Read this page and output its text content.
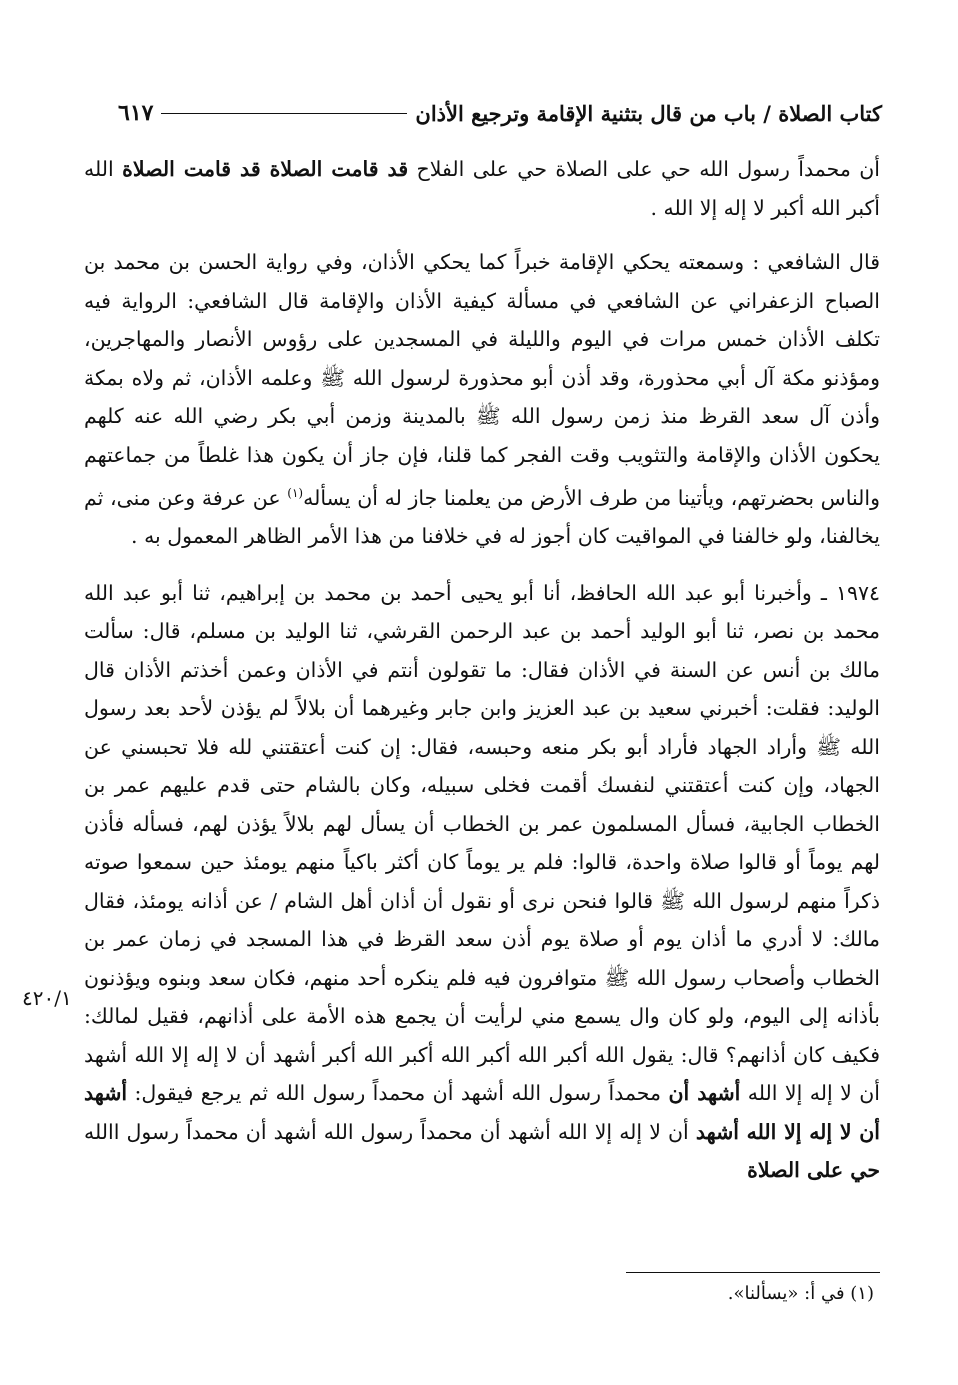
كتاب الصلاة / باب من قال بتثنية الإقامة وترجيع الأذان
٦١٧

أن محمداً رسول الله حي على الصلاة حي على الفلاح قد قامت الصلاة قد قامت الصلاة الله أكبر الله أكبر لا إله إلا الله .

قال الشافعي : وسمعته يحكي الإقامة خبراً كما يحكي الأذان، وفي رواية الحسن بن محمد بن الصباح الزعفراني عن الشافعي في مسألة كيفية الأذان والإقامة قال الشافعي: الرواية فيه تكلف الأذان خمس مرات في اليوم والليلة في المسجدين على رؤوس الأنصار والمهاجرين، ومؤذنو مكة آل أبي محذورة، وقد أذن أبو محذورة لرسول الله ﷺ وعلمه الأذان، ثم ولاه بمكة وأذن آل سعد القرظ منذ زمن رسول الله ﷺ بالمدينة وزمن أبي بكر رضي الله عنه كلهم يحكون الأذان والإقامة والتثويب وقت الفجر كما قلنا، فإن جاز أن يكون هذا غلطاً من جماعتهم والناس بحضرتهم، ويأتينا من طرف الأرض من يعلمنا جاز له أن يسأله$^{(١)}$ عن عرفة وعن منى، ثم يخالفنا، ولو خالفنا في المواقيت كان أجوز له في خلافنا من هذا الأمر الظاهر المعمول به .

١٩٧٤ ـ وأخبرنا أبو عبد الله الحافظ، أنا أبو يحيى أحمد بن محمد بن إبراهيم، ثنا أبو عبد الله محمد بن نصر، ثنا أبو الوليد أحمد بن عبد الرحمن القرشي، ثنا الوليد بن مسلم، قال: سألت مالك بن أنس عن السنة في الأذان فقال: ما تقولون أنتم في الأذان وعمن أخذتم الأذان قال الوليد: فقلت: أخبرني سعيد بن عبد العزيز وابن جابر وغيرهما أن بلالاً لم يؤذن لأحد بعد رسول الله ﷺ وأراد الجهاد فأراد أبو بكر منعه وحبسه، فقال: إن كنت أعتقتني لله فلا تحبسني عن الجهاد، وإن كنت أعتقتني لنفسك أقمت فخلى سبيله، وكان بالشام حتى قدم عليهم عمر بن الخطاب الجابية، فسأل المسلمون عمر بن الخطاب أن يسأل لهم بلالاً يؤذن لهم، فسأله فأذن لهم يوماً أو قالوا صلاة واحدة، قالوا: فلم ير يوماً كان أكثر باكياً منهم يومئذ حين سمعوا صوته ذكراً منهم لرسول الله ﷺ قالوا فنحن نرى أو نقول أن أذان أهل الشام / عن أذانه يومئذ، فقال مالك: لا أدري ما أذان يوم أو صلاة يوم أذن سعد القرظ في هذا المسجد في زمان عمر بن الخطاب وأصحاب رسول الله ﷺ متوافرون فيه فلم ينكره أحد منهم، فكان سعد وبنوه ويؤذنون بأذانه إلى اليوم، ولو كان وال يسمع مني لرأيت أن يجمع هذه الأمة على أذانهم، فقيل لمالك: فكيف كان أذانهم؟ قال: يقول الله أكبر الله أكبر الله أكبر الله أكبر أشهد أن لا إله إلا الله أشهد أن لا إله إلا الله أشهد أن محمداً رسول الله أشهد أن محمداً رسول الله ثم يرجع فيقول: أشهد أن لا إله إلا الله أشهد أن لا إله إلا الله أشهد أن محمداً رسول الله أشهد أن محمداً رسول االله حي على الصلاة

٤٢٠/١
(١) في أ: «يسألنا».
